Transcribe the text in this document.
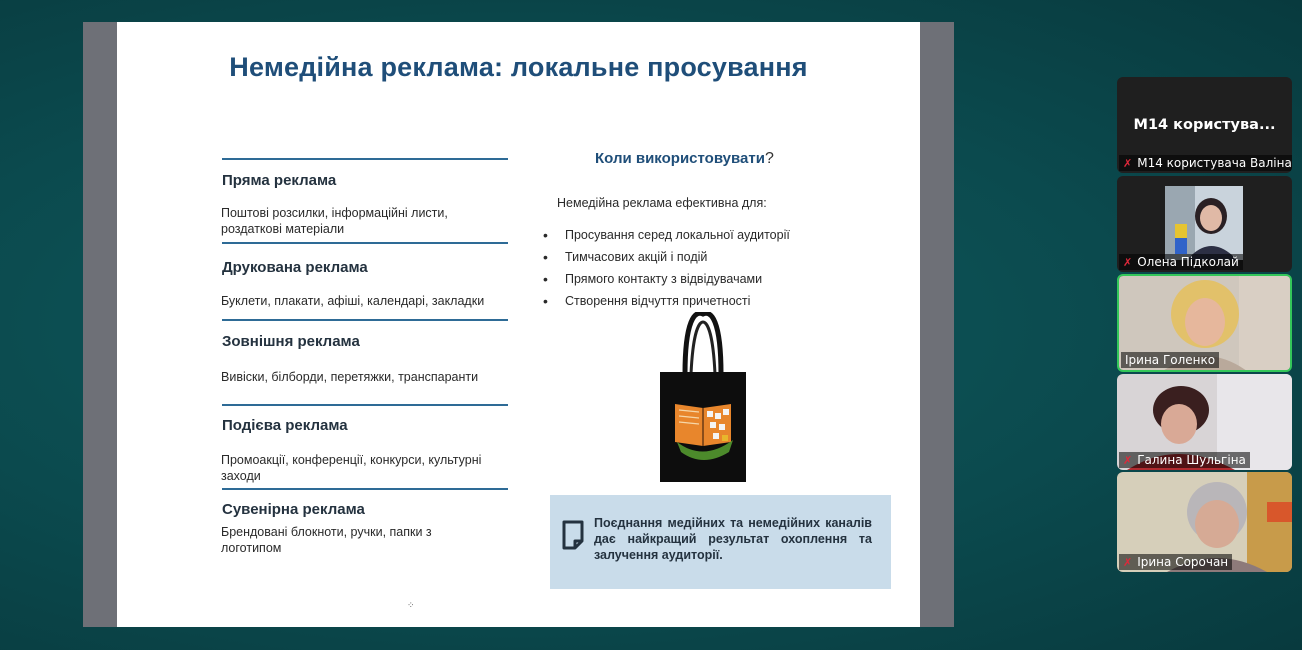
Немедійна реклама: локальне просування
Пряма реклама
Поштові розсилки, інформаційні листи, роздаткові матеріали
Друкована реклама
Буклети, плакати, афіші, календарі, закладки
Зовнішня реклама
Вивіски, білборди, перетяжки, транспаранти
Подієва реклама
Промоакції, конференції, конкурси, культурні заходи
Сувенірна реклама
Брендовані блокноти, ручки, папки з логотипом
Коли використовувати?
Немедійна реклама ефективна для:
• Просування серед локальної аудиторії
• Тимчасових акцій і подій
• Прямого контакту з відвідувачами
• Створення відчуття причетності
Поєднання медійних та немедійних каналів дає найкращий результат охоплення та залучення аудиторії.
⁘
M14 користува...
✗ M14 користувача Валіна
✗ Олена Підколай
Ірина Голенко
✗ Галина Шульгіна
✗ Ірина Сорочан
